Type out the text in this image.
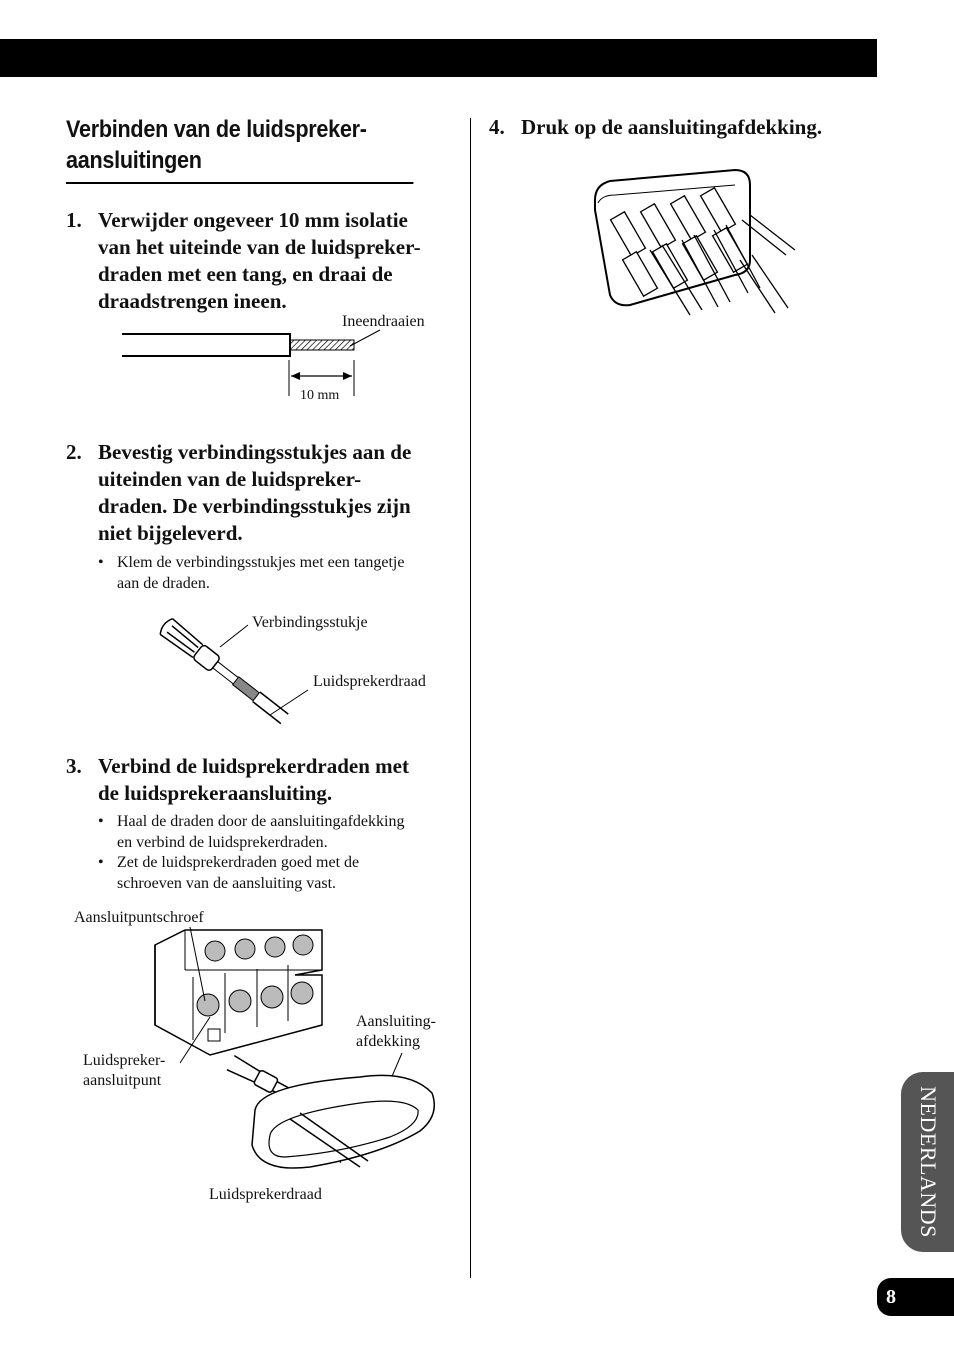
Verbinden van de luidspreker-
aansluitingen
1. Verwijder ongeveer 10 mm isolatie
van het uiteinde van de luidspreker-
draden met een tang, en draai de
draadstrengen ineen.
Ineendraaien
10 mm
2. Bevestig verbindingsstukjes aan de
uiteinden van de luidspreker-
draden. De verbindingsstukjes zijn
niet bijgeleverd.
• Klem de verbindingsstukjes met een tangetje
aan de draden.
Verbindingsstukje
Luidsprekerdraad
3. Verbind de luidsprekerdraden met
de luidsprekeraansluiting.
• Haal de draden door de aansluitingafdekking
en verbind de luidsprekerdraden.
• Zet de luidsprekerdraden goed met de
schroeven van de aansluiting vast.
Aansluitpuntschroef
Aansluiting-
afdekking
Luidspreker-
aansluitpunt
Luidsprekerdraad
4. Druk op de aansluitingafdekking.
NEDERLANDS
8
